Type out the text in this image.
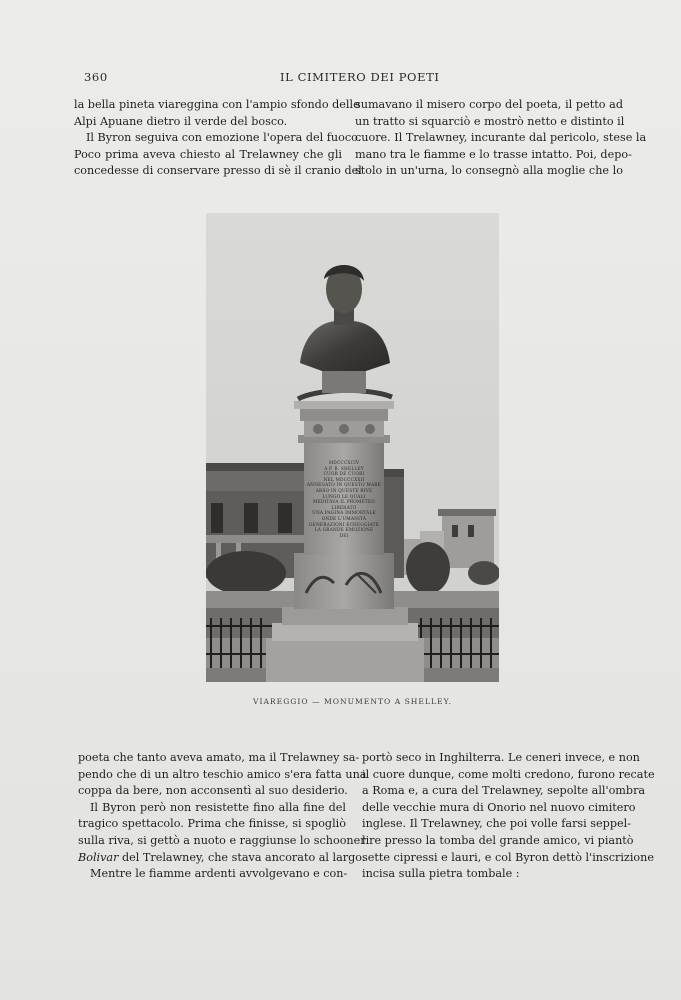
360	IL CIMITERO DEI POETI
la bella pineta viareggina con l'ampio sfondo delle
Alpi Apuane dietro il verde del bosco.
Il Byron seguiva con emozione l'opera del fuoco.
Poco prima aveva chiesto al Trelawney che gli
concedesse di conservare presso di sè il cranio del
sumavano il misero corpo del poeta, il petto ad
un tratto si squarciò e mostrò netto e distinto il
cuore. Il Trelawney, incurante dal pericolo, stese la
mano tra le fiamme e lo trasse intatto. Poi, depo-
stolo in un'urna, lo consegnò alla moglie che lo
MDCCCXCIV
A P. B. SHELLEY
CUOR DE CUORI
NEL MDCCCXXII
ANNEGATO IN QUESTO MARE
ARSO IN QUESTE RIVE
LUNGO LE QUALI
MEDITAVA IL PROMETEO LIBERATO
UNA PAGINA IMMORTALE
ONDE L'UMANITÀ
GENERAZIONI ECHEGGIATE
LA GRANDE EMOZIONE
DEI
VIAREGGIO — MONUMENTO A SHELLEY.
poeta che tanto aveva amato, ma il Trelawney sa-
pendo che di un altro teschio amico s'era fatta una
coppa da bere, non acconsentì al suo desiderio.
Il Byron però non resistette fino alla fine del
tragico spettacolo. Prima che finisse, si spogliò
sulla riva, si gettò a nuoto e raggiunse lo schooner
Bolivar del Trelawney, che stava ancorato al largo.
Mentre le fiamme ardenti avvolgevano e con-
portò seco in Inghilterra. Le ceneri invece, e non
il cuore dunque, come molti credono, furono recate
a Roma e, a cura del Trelawney, sepolte all'ombra
delle vecchie mura di Onorio nel nuovo cimitero
inglese. Il Trelawney, che poi volle farsi seppel-
lire presso la tomba del grande amico, vi piantò
sette cipressi e lauri, e col Byron dettò l'inscrizione
incisa sulla pietra tombale :
